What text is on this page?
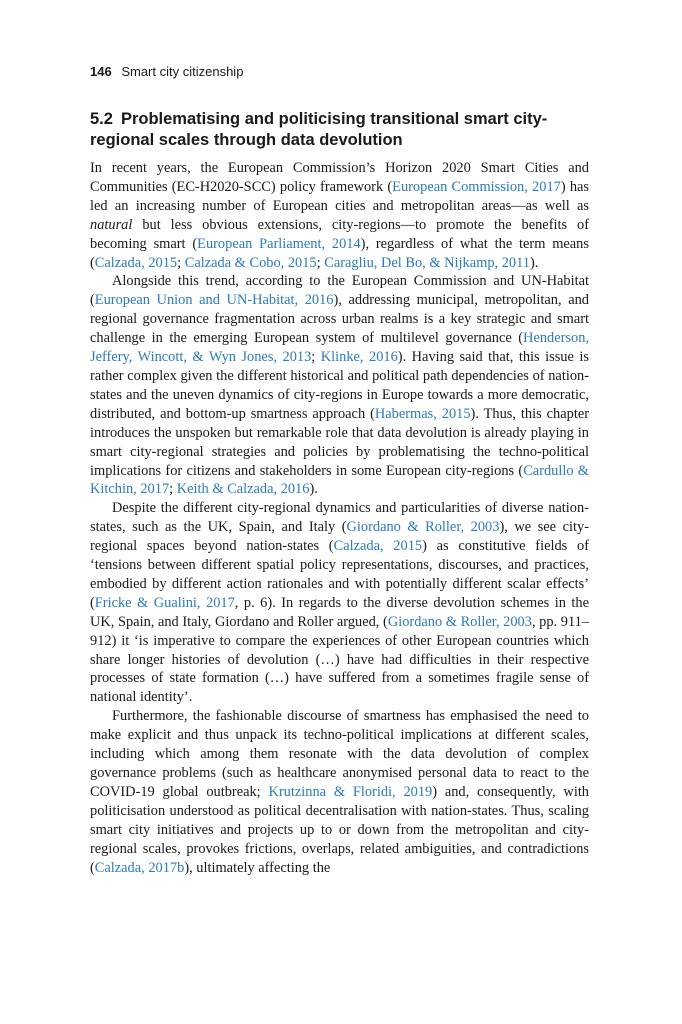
146 Smart city citizenship
5.2 Problematising and politicising transitional smart city-regional scales through data devolution

In recent years, the European Commission’s Horizon 2020 Smart Cities and Communities (EC-H2020-SCC) policy framework (European Commission, 2017) has led an increasing number of European cities and metropolitan areas—as well as natural but less obvious extensions, city-regions—to promote the benefits of becoming smart (European Parliament, 2014), regardless of what the term means (Calzada, 2015; Calzada & Cobo, 2015; Caragliu, Del Bo, & Nijkamp, 2011).

Alongside this trend, according to the European Commission and UN-Habitat (European Union and UN-Habitat, 2016), addressing municipal, metropolitan, and regional governance fragmentation across urban realms is a key strategic and smart challenge in the emerging European system of multilevel governance (Henderson, Jeffery, Wincott, & Wyn Jones, 2013; Klinke, 2016). Having said that, this issue is rather complex given the different historical and political path dependencies of nation-states and the uneven dynamics of city-regions in Europe towards a more democratic, distributed, and bottom-up smartness approach (Habermas, 2015). Thus, this chapter introduces the unspoken but remarkable role that data devolution is already playing in smart city-regional strategies and policies by problematising the techno-political implications for citizens and stakeholders in some European city-regions (Cardullo & Kitchin, 2017; Keith & Calzada, 2016).

Despite the different city-regional dynamics and particularities of diverse nation-states, such as the UK, Spain, and Italy (Giordano & Roller, 2003), we see city-regional spaces beyond nation-states (Calzada, 2015) as constitutive fields of ‘tensions between different spatial policy representations, discourses, and practices, embodied by different action rationales and with potentially different scalar effects’ (Fricke & Gualini, 2017, p. 6). In regards to the diverse devolution schemes in the UK, Spain, and Italy, Giordano and Roller argued, (Giordano & Roller, 2003, pp. 911–912) it ‘is imperative to compare the experiences of other European countries which share longer histories of devolution (…) have had difficulties in their respective processes of state formation (…) have suffered from a sometimes fragile sense of national identity’.

Furthermore, the fashionable discourse of smartness has emphasised the need to make explicit and thus unpack its techno-political implications at different scales, including which among them resonate with the data devolution of complex governance problems (such as healthcare anonymised personal data to react to the COVID-19 global outbreak; Krutzinna & Floridi, 2019) and, consequently, with politicisation understood as political decentralisation with nation-states. Thus, scaling smart city initiatives and projects up to or down from the metropolitan and city-regional scales, provokes frictions, overlaps, related ambiguities, and contradictions (Calzada, 2017b), ultimately affecting the
